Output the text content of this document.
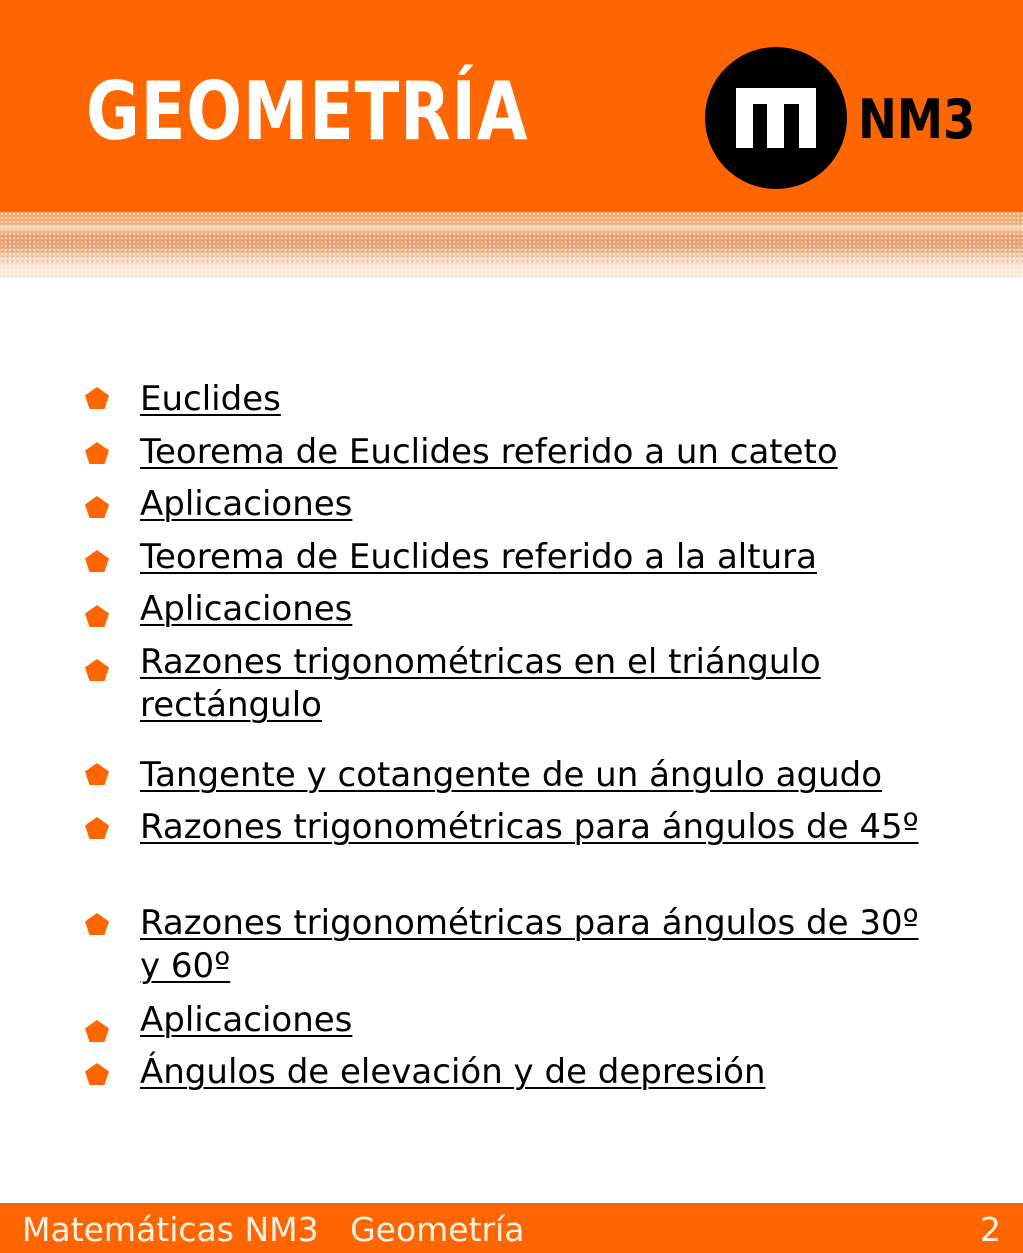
GEOMETRÍA	NM3
Euclides
Teorema de Euclides referido a un cateto
Aplicaciones
Teorema de Euclides referido a la altura
Aplicaciones
Razones trigonométricas en el triángulo rectángulo
Tangente y cotangente de un ángulo agudo
Razones trigonométricas para ángulos de 45º
Razones trigonométricas para ángulos de 30º y 60º
Aplicaciones
Ángulos de elevación y de depresión
Matemáticas NM3   Geometría	2
